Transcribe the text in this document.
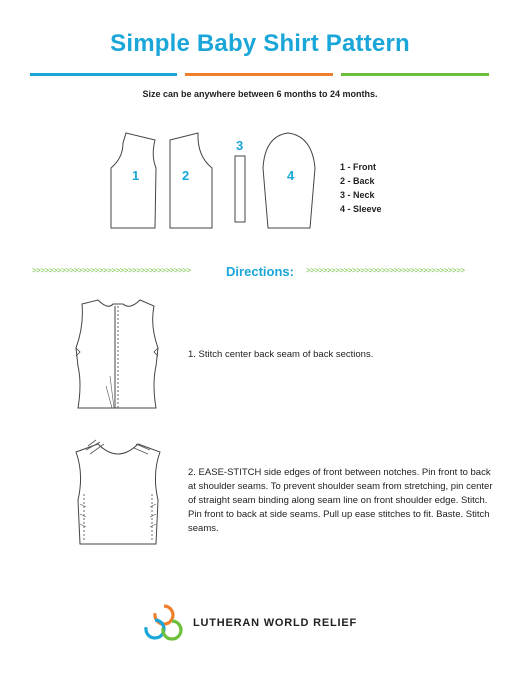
Simple Baby Shirt Pattern
Size can be anywhere between 6 months to 24 months.
1	2
3
4
1 - Front
2 - Back
3 - Neck
4 - Sleeve
>>>>>>>>>>>>>>>>>>>>>>>>>>>>>>>>>>>>>>	Directions:	>>>>>>>>>>>>>>>>>>>>>>>>>>>>>>>>>>>>>>
1. Stitch center back seam of back sections.
2. EASE-STITCH side edges of front between notches. Pin front to back at shoulder seams. To prevent shoulder seam from stretching, pin center of straight seam binding along seam line on front shoulder edge. Stitch. Pin front to back at side seams. Pull up ease stitches to fit. Baste. Stitch seams.
LUTHERAN WORLD RELIEF
